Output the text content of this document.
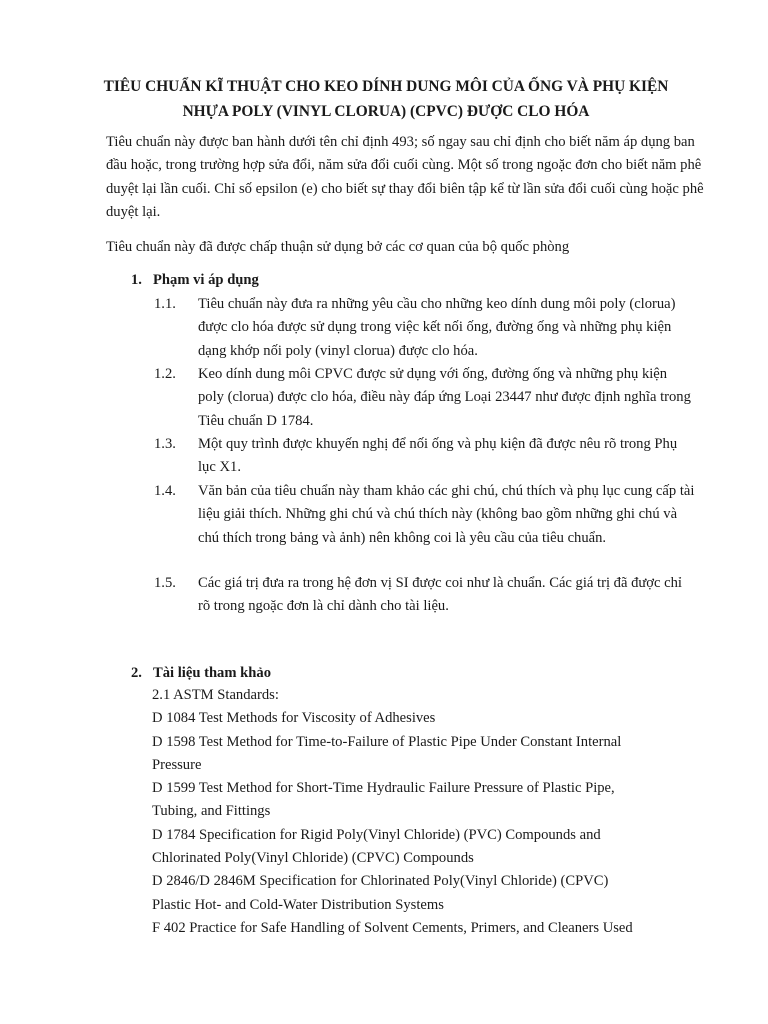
TIÊU CHUẨN KĨ THUẬT CHO KEO DÍNH DUNG MÔI CỦA ỐNG VÀ PHỤ KIỆN NHỰA POLY (VINYL CLORUA) (CPVC) ĐƯỢC CLO HÓA

Tiêu chuẩn này được ban hành dưới tên chỉ định 493; số ngay sau chỉ định cho biết năm áp dụng ban đầu hoặc, trong trường hợp sửa đổi, năm sửa đổi cuối cùng. Một số trong ngoặc đơn cho biết năm phê duyệt lại lần cuối. Chỉ số epsilon (e) cho biết sự thay đổi biên tập kể từ lần sửa đổi cuối cùng hoặc phê duyệt lại.

Tiêu chuẩn này đã được chấp thuận sử dụng bở các cơ quan của bộ quốc phòng

1. Phạm vi áp dụng
1.1. Tiêu chuẩn này đưa ra những yêu cầu cho những keo dính dung môi poly (clorua) được clo hóa được sử dụng trong việc kết nối ống, đường ống và những phụ kiện dạng khớp nối poly (vinyl clorua) được clo hóa.
1.2. Keo dính dung môi CPVC được sử dụng với ống, đường ống và những phụ kiện poly (clorua) được clo hóa, điều này đáp ứng Loại 23447 như được định nghĩa trong Tiêu chuẩn D 1784.
1.3. Một quy trình được khuyến nghị để nối ống và phụ kiện đã được nêu rõ trong Phụ lục X1.
1.4. Văn bản của tiêu chuẩn này tham khảo các ghi chú, chú thích và phụ lục cung cấp tài liệu giải thích. Những ghi chú và chú thích này (không bao gồm những ghi chú và chú thích trong bảng và ảnh) nên không coi là yêu cầu của tiêu chuẩn.
1.5. Các giá trị đưa ra trong hệ đơn vị SI được coi như là chuẩn. Các giá trị đã được chỉ rõ trong ngoặc đơn là chỉ dành cho tài liệu.
2. Tài liệu tham khảo
2.1 ASTM Standards:
D 1084 Test Methods for Viscosity of Adhesives
D 1598 Test Method for Time-to-Failure of Plastic Pipe Under Constant Internal
Pressure
D 1599 Test Method for Short-Time Hydraulic Failure Pressure of Plastic Pipe,
Tubing, and Fittings
D 1784 Specification for Rigid Poly(Vinyl Chloride) (PVC) Compounds and
Chlorinated Poly(Vinyl Chloride) (CPVC) Compounds
D 2846/D 2846M Specification for Chlorinated Poly(Vinyl Chloride) (CPVC)
Plastic Hot- and Cold-Water Distribution Systems
F 402 Practice for Safe Handling of Solvent Cements, Primers, and Cleaners Used
